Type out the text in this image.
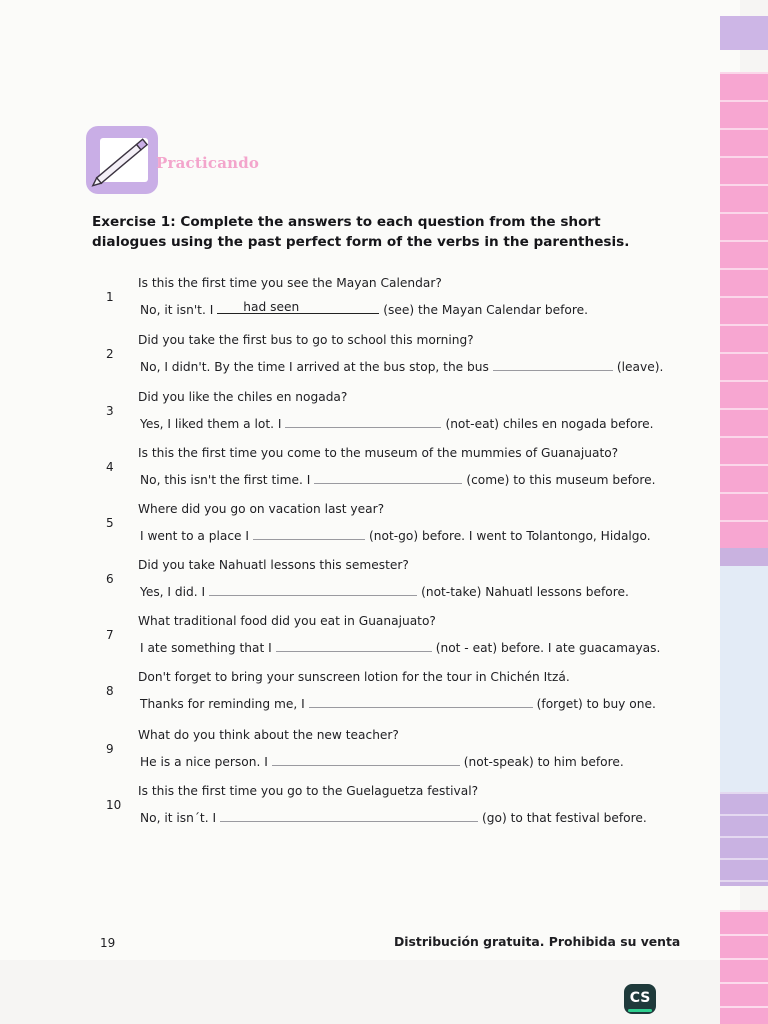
Practicando
Exercise 1: Complete the answers to each question from the short dialogues using the past perfect form of the verbs in the parenthesis.
1
Is this the first time you see the Mayan Calendar?
No, it isn't. I had seen	(see) the Mayan Calendar before.
2
Did you take the first bus to go to school this morning?
No, I didn't. By the time I arrived at the bus stop, the bus	(leave).
3
Did you like the chiles en nogada?
Yes, I liked them a lot. I	(not-eat) chiles en nogada before.
4
Is this the first time you come to the museum of the mummies of Guanajuato?
No, this isn't the first time. I	(come) to this museum before.
5
Where did you go on vacation last year?
I went to a place I	(not-go) before. I went to Tolantongo, Hidalgo.
6
Did you take Nahuatl lessons this semester?
Yes, I did. I	(not-take) Nahuatl lessons before.
7
What traditional food did you eat in Guanajuato?
I ate something that I	(not - eat) before. I ate guacamayas.
8
Don't forget to bring your sunscreen lotion for the tour in Chichén Itzá.
Thanks for reminding me, I	(forget) to buy one.
9
What do you think about the new teacher?
He is a nice person. I	(not-speak) to him before.
10
Is this the first time you go to the Guelaguetza festival?
No, it isn´t. I	(go) to that festival before.
19	Distribución gratuita. Prohibida su venta
CS
